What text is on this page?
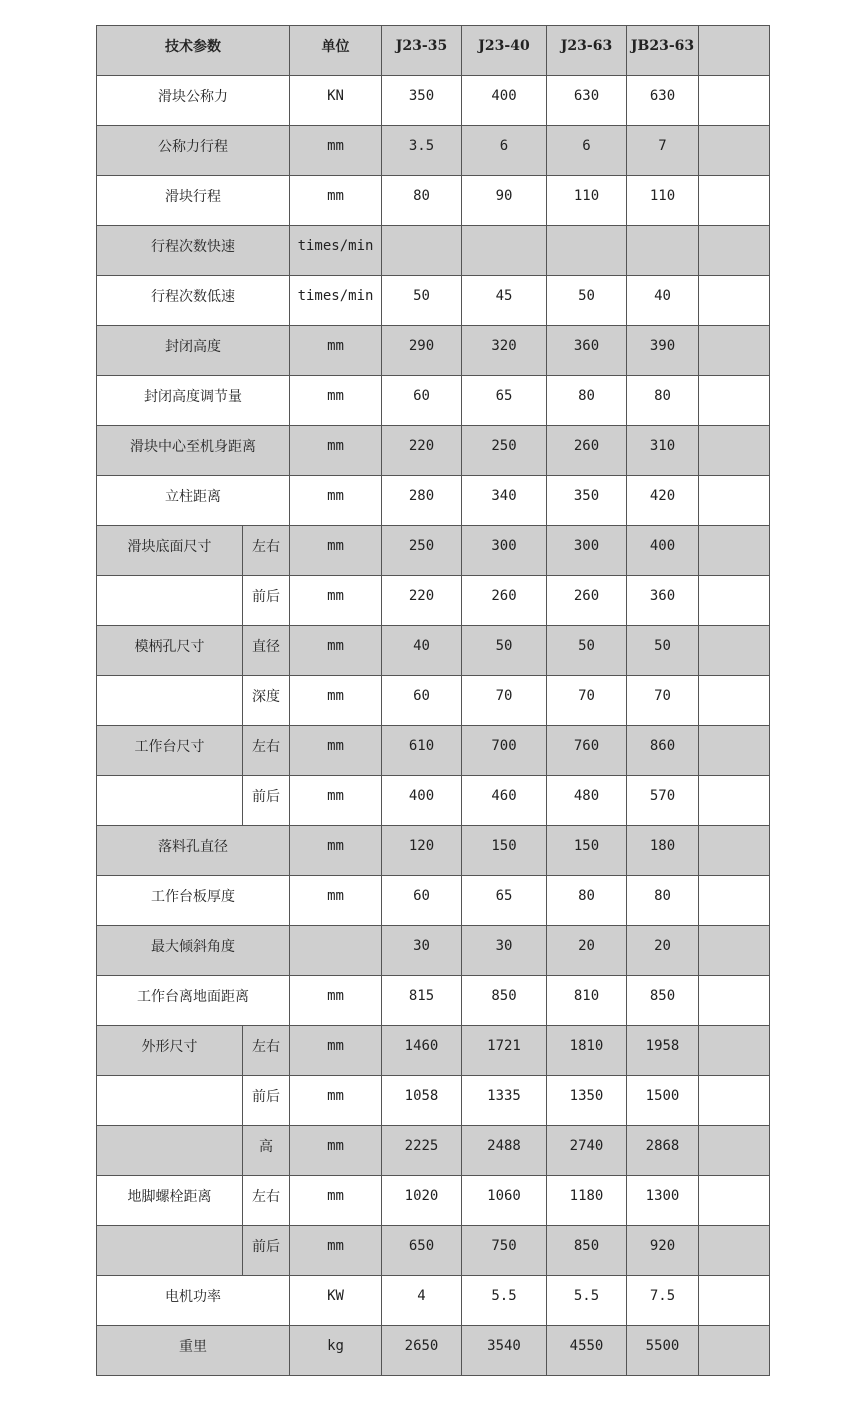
技术参数		单位	J23-35	J23-40	J23-63	JB23-63	
滑块公称力		KN	350	400	630	630	
公称力行程		mm	3.5	6	6	7	
滑块行程		mm	80	90	110	110	
行程次数快速		times/min					
行程次数低速		times/min	50	45	50	40	
封闭高度		mm	290	320	360	390	
封闭高度调节量		mm	60	65	80	80	
滑块中心至机身距离		mm	220	250	260	310	
立柱距离		mm	280	340	350	420	
滑块底面尺寸	左右	mm	250	300	300	400	
	前后	mm	220	260	260	360	
模柄孔尺寸	直径	mm	40	50	50	50	
	深度	mm	60	70	70	70	
工作台尺寸	左右	mm	610	700	760	860	
	前后	mm	400	460	480	570	
落料孔直径		mm	120	150	150	180	
工作台板厚度		mm	60	65	80	80	
最大倾斜角度			30	30	20	20	
工作台离地面距离		mm	815	850	810	850	
外形尺寸	左右	mm	1460	1721	1810	1958	
	前后	mm	1058	1335	1350	1500	
	高	mm	2225	2488	2740	2868	
地脚螺栓距离	左右	mm	1020	1060	1180	1300	
	前后	mm	650	750	850	920	
电机功率		KW	4	5.5	5.5	7.5	
重里		kg	2650	3540	4550	5500	
